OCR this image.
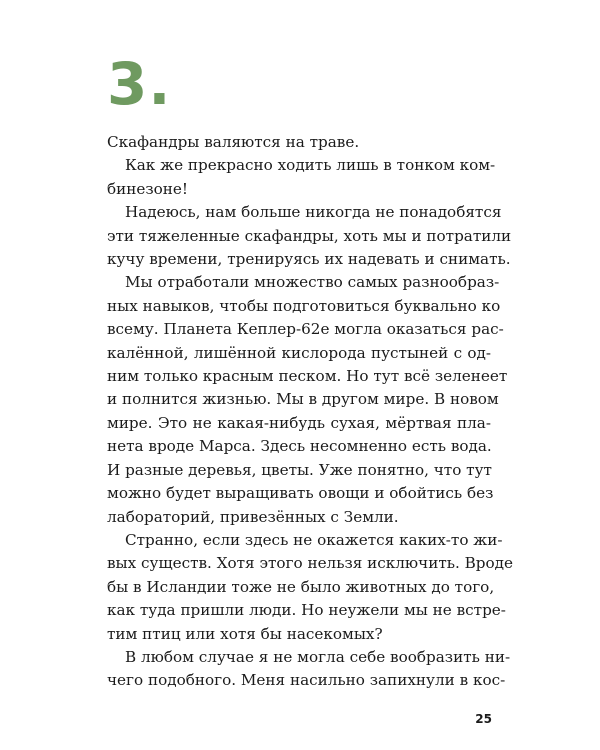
3.
Скафандры валяются на траве.
Как же прекрасно ходить лишь в тонком ком-
бинезоне!
Надеюсь, нам больше никогда не понадобятся
эти тяжеленные скафандры, хоть мы и потратили
кучу времени, тренируясь их надевать и снимать.
Мы отработали множество самых разнообраз-
ных навыков, чтобы подготовиться буквально ко
всему. Планета Кеплер-62е могла оказаться рас-
калённой, лишённой кислорода пустыней с од-
ним только красным песком. Но тут всё зеленеет
и полнится жизнью. Мы в другом мире. В новом
мире. Это не какая-нибудь сухая, мёртвая пла-
нета вроде Марса. Здесь несомненно есть вода.
И разные деревья, цветы. Уже понятно, что тут
можно будет выращивать овощи и обойтись без
лабораторий, привезённых с Земли.
Странно, если здесь не окажется каких-то жи-
вых существ. Хотя этого нельзя исключить. Вроде
бы в Исландии тоже не было животных до того,
как туда пришли люди. Но неужели мы не встре-
тим птиц или хотя бы насекомых?
В любом случае я не могла себе вообразить ни-
чего подобного. Меня насильно запихнули в кос-
25
